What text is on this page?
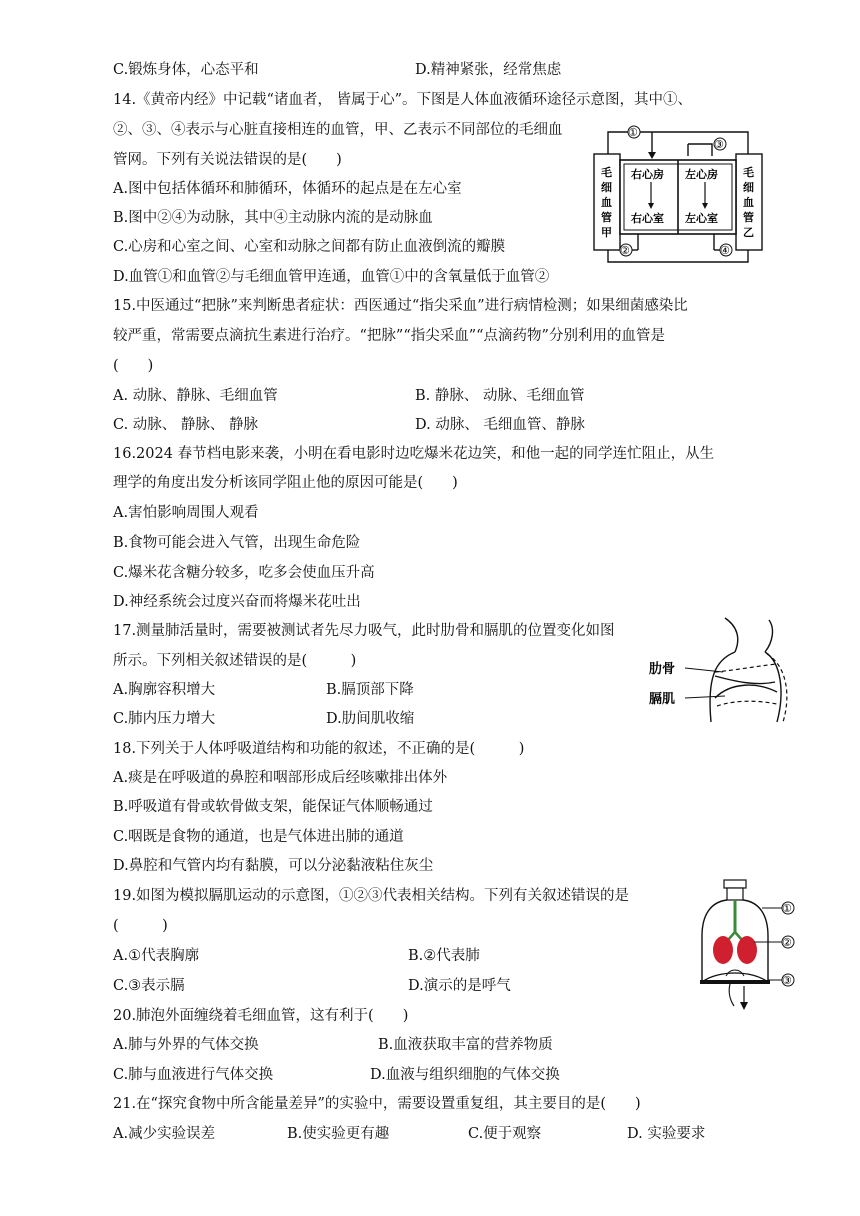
C.锻炼身体，心态平和	D.精神紧张，经常焦虑
14.《黄帝内经》中记载“诸血者， 皆属于心”。下图是人体血液循环途径示意图，其中①、
②、③、④表示与心脏直接相连的血管，甲、乙表示不同部位的毛细血
管网。下列有关说法错误的是(　　)
A.图中包括体循环和肺循环，体循环的起点是在左心室
B.图中②④为动脉，其中④主动脉内流的是动脉血
C.心房和心室之间、心室和动脉之间都有防止血液倒流的瓣膜
D.血管①和血管②与毛细血管甲连通，血管①中的含氧量低于血管②
①
③
②	④
右心房 左心房
右心室 左心室
毛
细
血
管
甲
毛
细
血
管
乙
15.中医通过“把脉”来判断患者症状：西医通过“指尖采血”进行病情检测；如果细菌感染比
较严重，常需要点滴抗生素进行治疗。“把脉”“指尖采血”“点滴药物”分别利用的血管是
(　　)
A. 动脉、静脉、毛细血管	B. 静脉、 动脉、毛细血管
C. 动脉、 静脉、 静脉	D. 动脉、 毛细血管、静脉
16.2024 春节档电影来袭，小明在看电影时边吃爆米花边笑，和他一起的同学连忙阻止，从生
理学的角度出发分析该同学阻止他的原因可能是(　　)
A.害怕影响周围人观看
B.食物可能会进入气管，出现生命危险
C.爆米花含糖分较多，吃多会使血压升高
D.神经系统会过度兴奋而将爆米花吐出
17.测量肺活量时，需要被测试者先尽力吸气，此时肋骨和膈肌的位置变化如图
所示。下列相关叙述错误的是(　　　)
A.胸廓容积增大	B.膈顶部下降
C.肺内压力增大	D.肋间肌收缩
肋骨
膈肌
18.下列关于人体呼吸道结构和功能的叙述，不正确的是(　　　)
A.痰是在呼吸道的鼻腔和咽部形成后经咳嗽排出体外
B.呼吸道有骨或软骨做支架，能保证气体顺畅通过
C.咽既是食物的通道，也是气体进出肺的通道
D.鼻腔和气管内均有黏膜，可以分泌黏液粘住灰尘
19.如图为模拟膈肌运动的示意图，①②③代表相关结构。下列有关叙述错误的是
(　　　)
A.①代表胸廓	B.②代表肺
C.③表示膈	D.演示的是呼气
①
②
③
20.肺泡外面缠绕着毛细血管，这有利于(　　)
A.肺与外界的气体交换	B.血液获取丰富的营养物质
C.肺与血液进行气体交换	D.血液与组织细胞的气体交换
21.在“探究食物中所含能量差异”的实验中，需要设置重复组，其主要目的是(　　)
A.减少实验误差	B.使实验更有趣	C.便于观察	D. 实验要求
